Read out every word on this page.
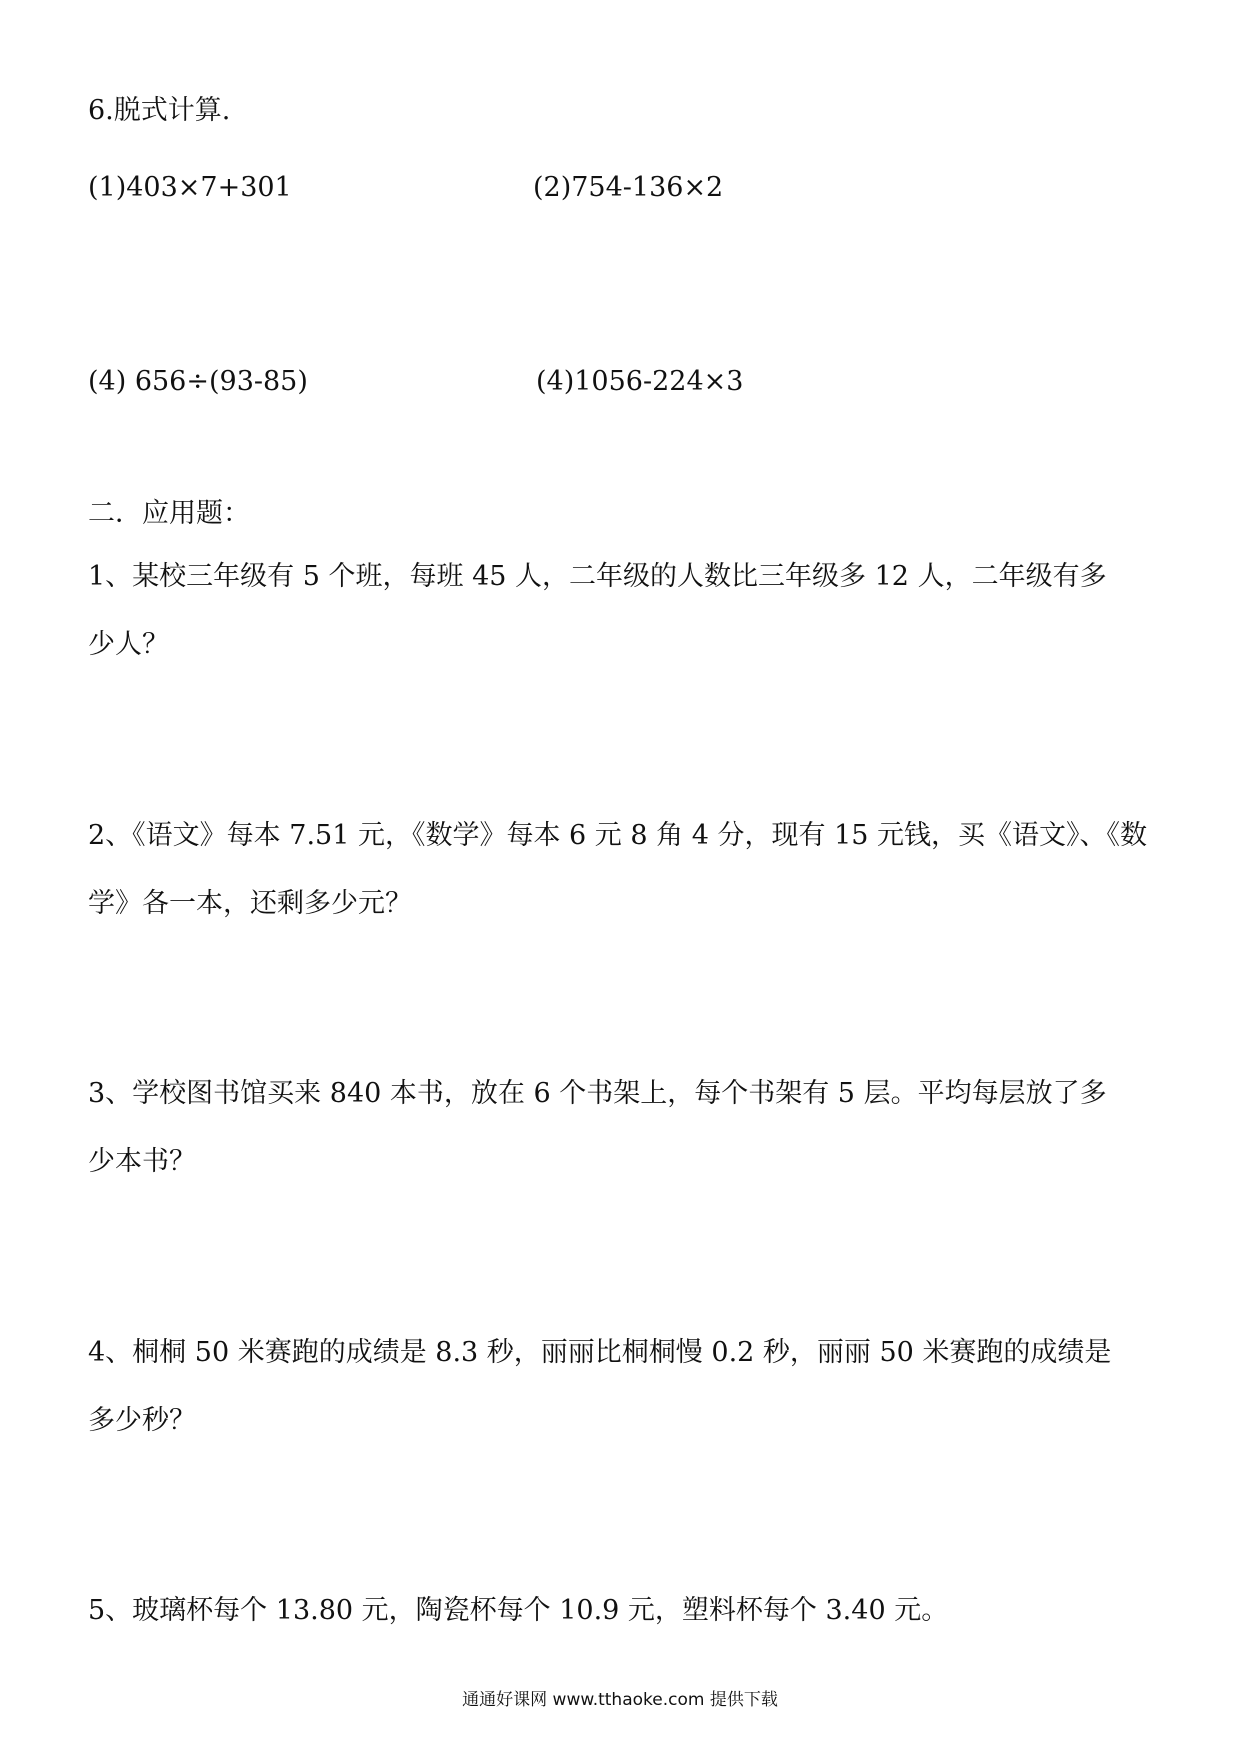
6.脱式计算.
(1)403×7+301	(2)754-136×2
(4) 656÷(93-85)	(4)1056-224×3
二．应用题：
1、某校三年级有 5 个班，每班 45 人，二年级的人数比三年级多 12 人，二年级有多
少人？
2、《语文》每本 7.51 元，《数学》每本 6 元 8 角 4 分，现有 15 元钱，买《语文》、《数
学》各一本，还剩多少元？
3、学校图书馆买来 840 本书，放在 6 个书架上，每个书架有 5 层。平均每层放了多
少本书？
4、桐桐 50 米赛跑的成绩是 8.3 秒，丽丽比桐桐慢 0.2 秒，丽丽 50 米赛跑的成绩是
多少秒？
5、玻璃杯每个 13.80 元，陶瓷杯每个 10.9 元，塑料杯每个 3.40 元。
通通好课网 www.tthaoke.com 提供下载
